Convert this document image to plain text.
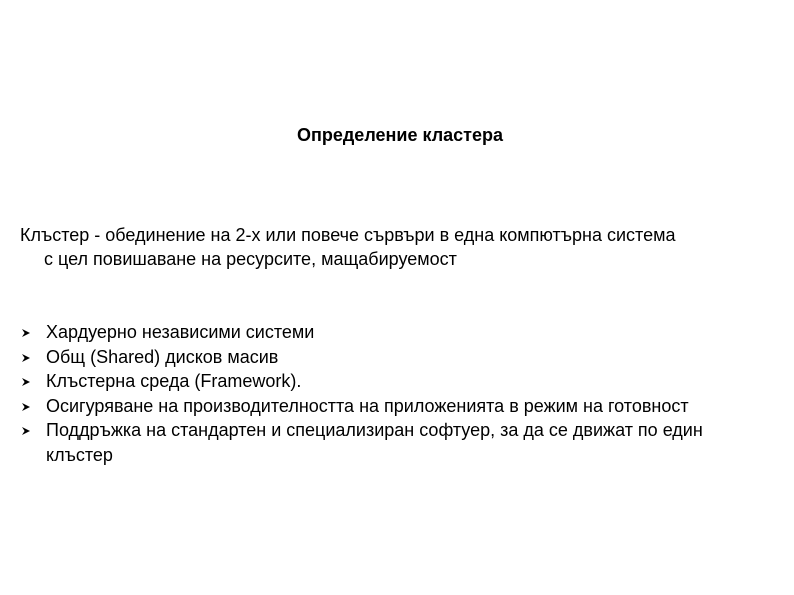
Определение кластера

Клъстер - обединение на 2-х или повече сървъри в една компютърна система с цел повишаване на ресурсите, мащабируемост

Хардуерно независими системи
Общ (Shared) дисков масив
Клъстерна среда (Framework).
Осигуряване на производителността на приложенията в режим на готовност
Поддръжка на стандартен и специализиран софтуер, за да се движат по един клъстер
